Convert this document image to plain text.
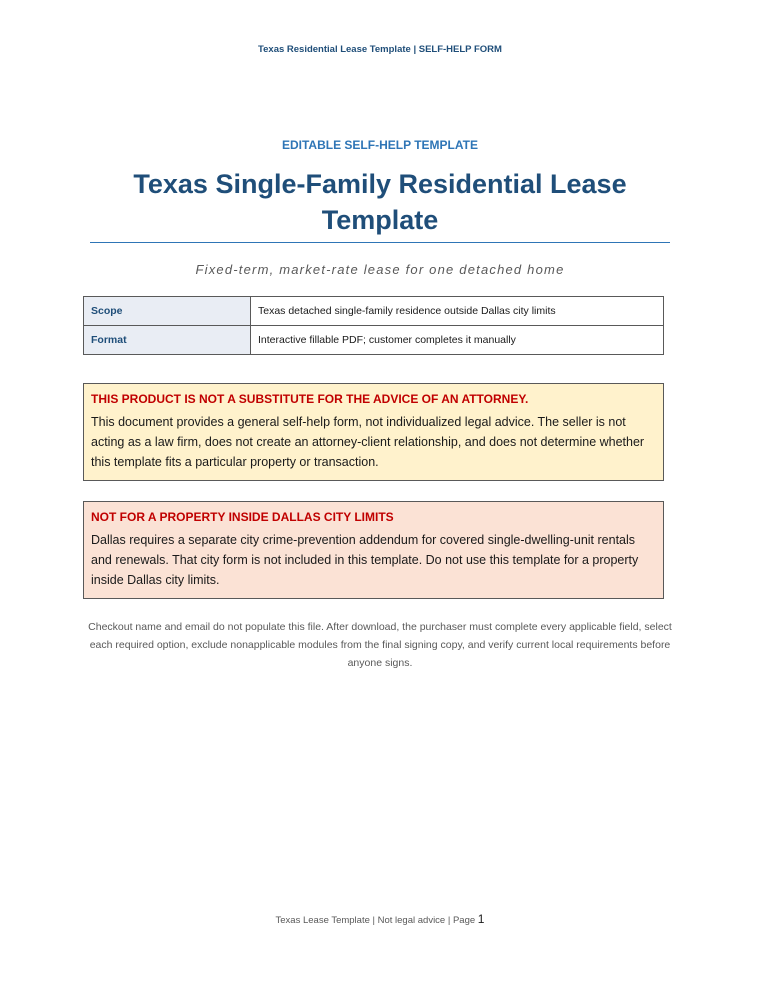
Texas Residential Lease Template | SELF-HELP FORM
EDITABLE SELF-HELP TEMPLATE
Texas Single-Family Residential Lease
Template
Fixed-term, market-rate lease for one detached home
Scope	Texas detached single-family residence outside Dallas city limits
Format	Interactive fillable PDF; customer completes it manually
THIS PRODUCT IS NOT A SUBSTITUTE FOR THE ADVICE OF AN ATTORNEY.
This document provides a general self-help form, not individualized legal advice. The seller is not acting as a law firm, does not create an attorney-client relationship, and does not determine whether this template fits a particular property or transaction.
NOT FOR A PROPERTY INSIDE DALLAS CITY LIMITS
Dallas requires a separate city crime-prevention addendum for covered single-dwelling-unit rentals and renewals. That city form is not included in this template. Do not use this template for a property inside Dallas city limits.
Checkout name and email do not populate this file. After download, the purchaser must complete every applicable field, select each required option, exclude nonapplicable modules from the final signing copy, and verify current local requirements before anyone signs.
Texas Lease Template | Not legal advice | Page 1
